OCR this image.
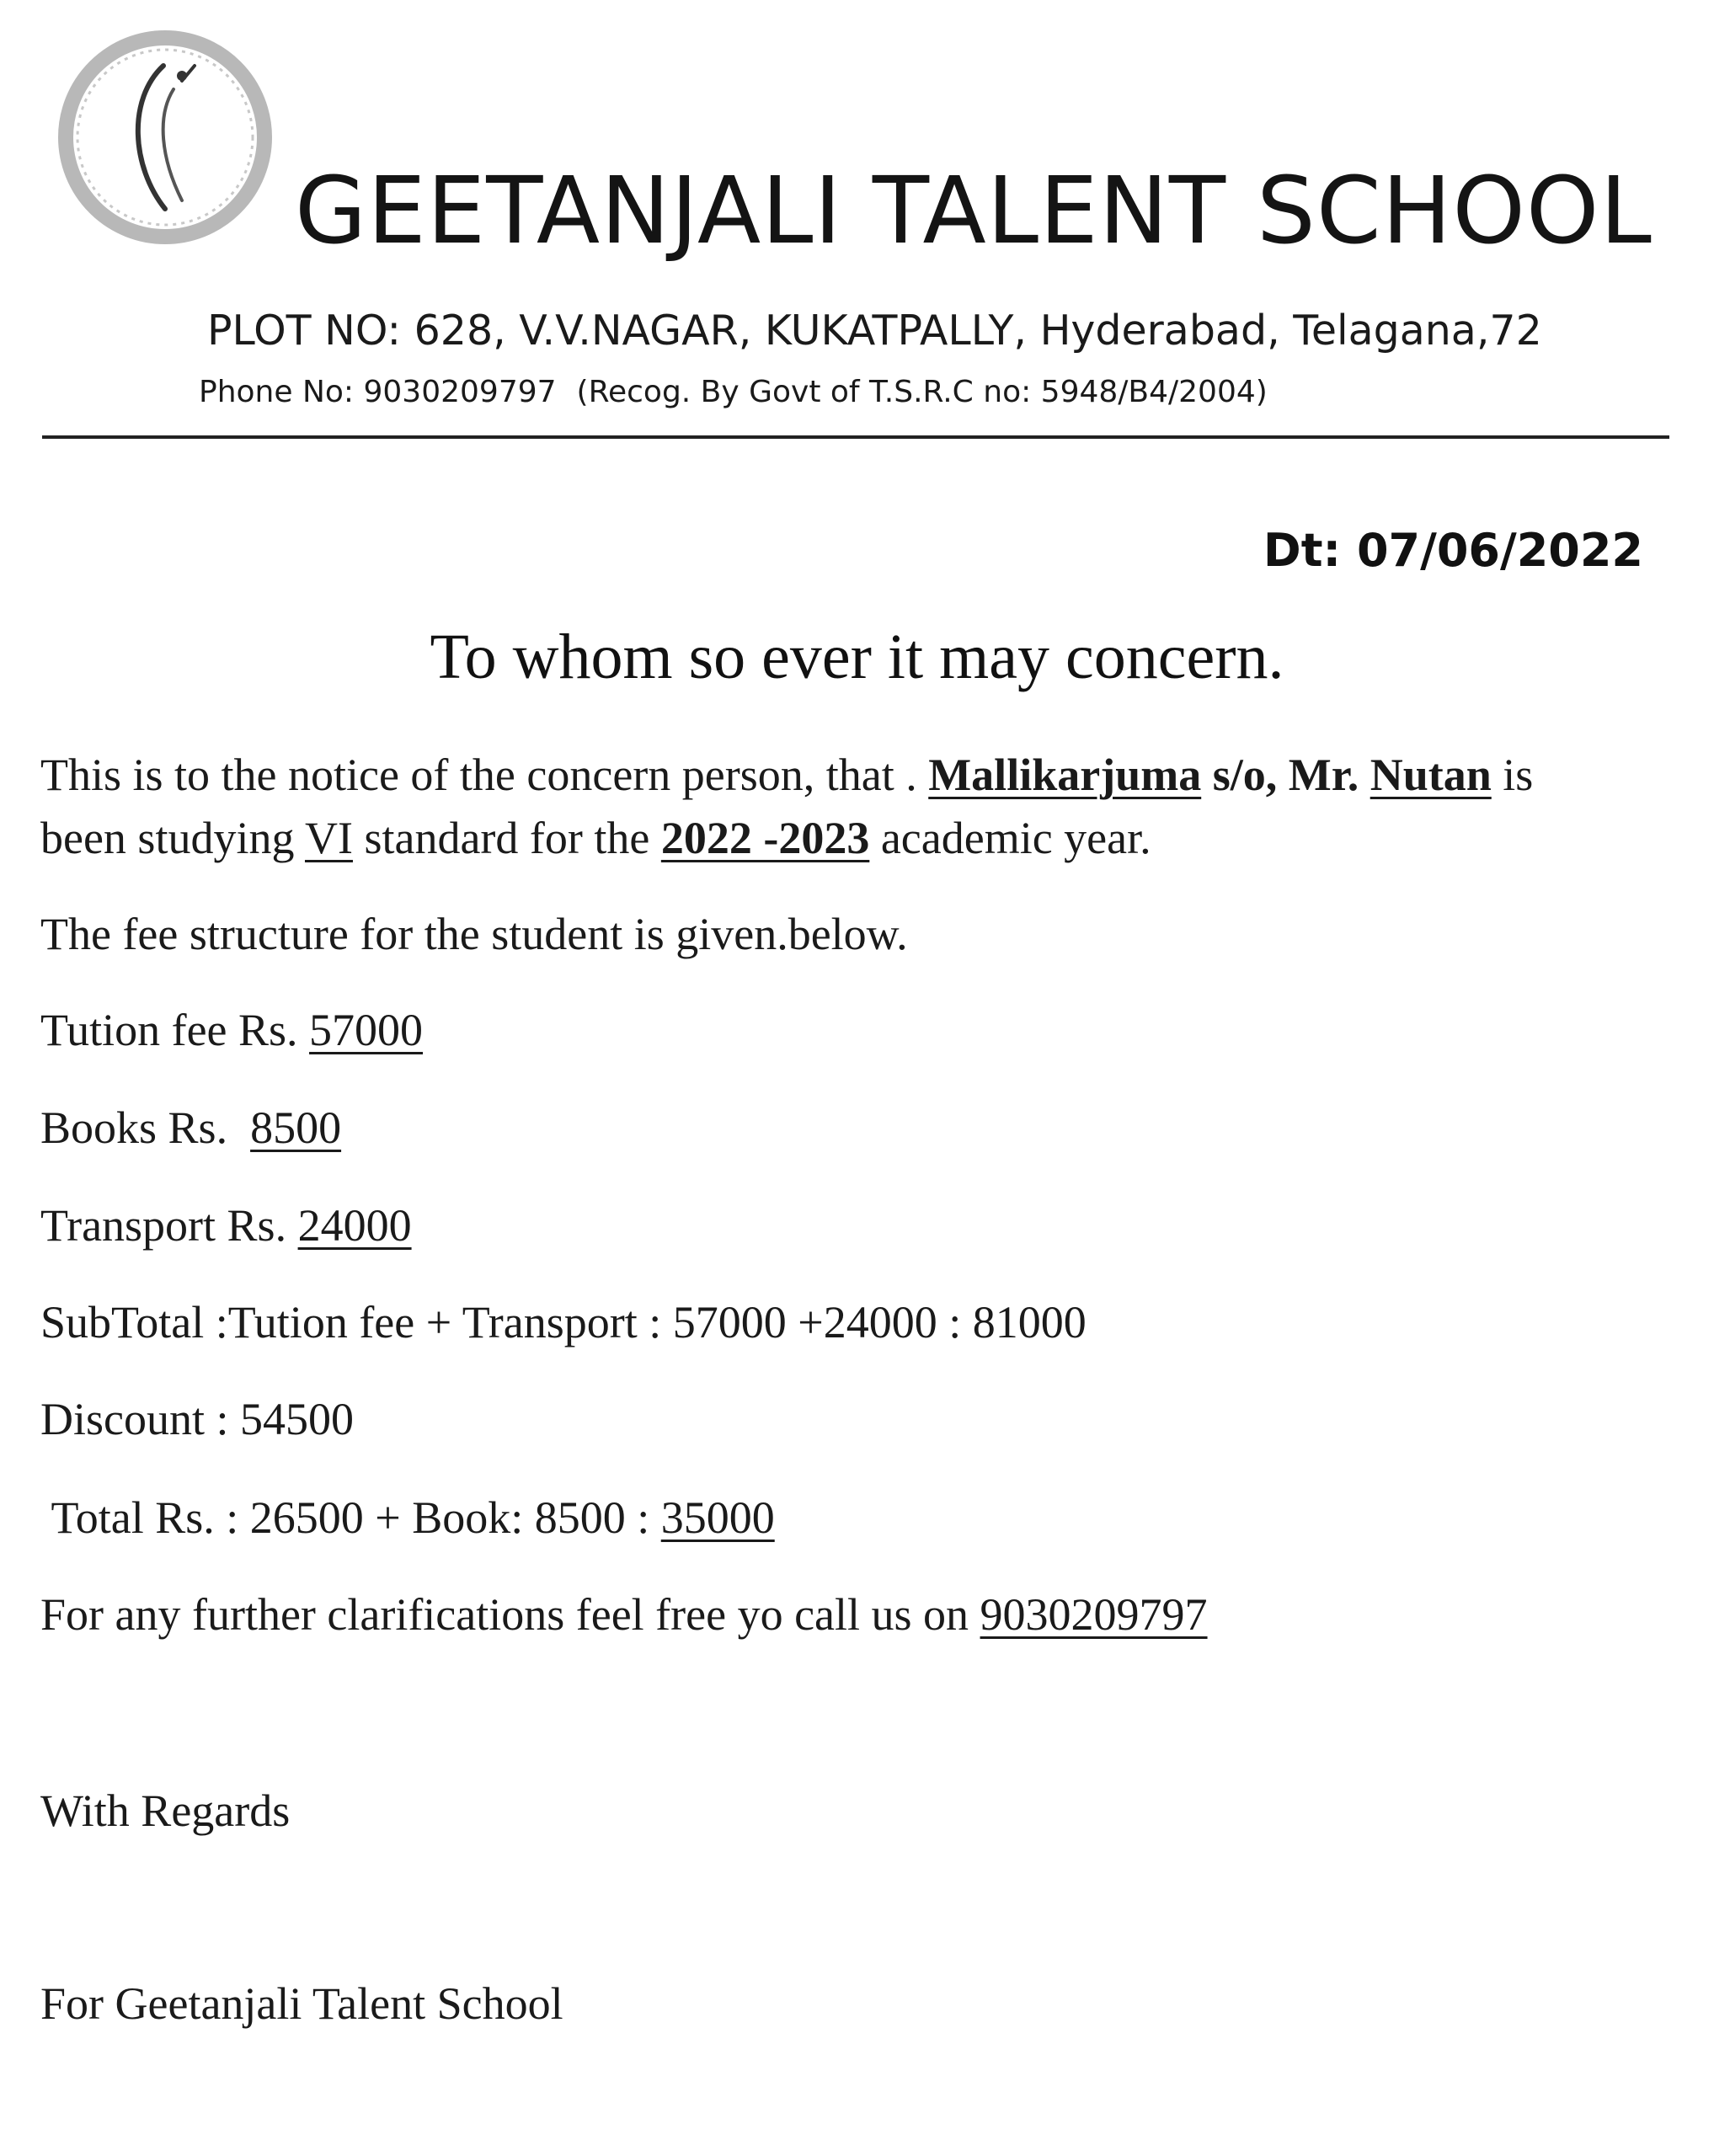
GEETANJALI TALENT SCHOOL
PLOT NO: 628, V.V.NAGAR, KUKATPALLY, Hyderabad, Telagana,72
Phone No: 9030209797 (Recog. By Govt of T.S.R.C no: 5948/B4/2004)
Dt: 07/06/2022
To whom so ever it may concern.
This is to the notice of the concern person, that . Mallikarjuma s/o, Mr. Nutan is
been studying VI standard for the 2022 -2023 academic year.
The fee structure for the student is given.below.
Tution fee Rs. 57000
Books Rs.  8500
Transport Rs. 24000
SubTotal :Tution fee + Transport : 57000 +24000 : 81000
Discount : 54500
Total Rs. : 26500 + Book: 8500 : 35000
For any further clarifications feel free yo call us on 9030209797
With Regards
For Geetanjali Talent School
